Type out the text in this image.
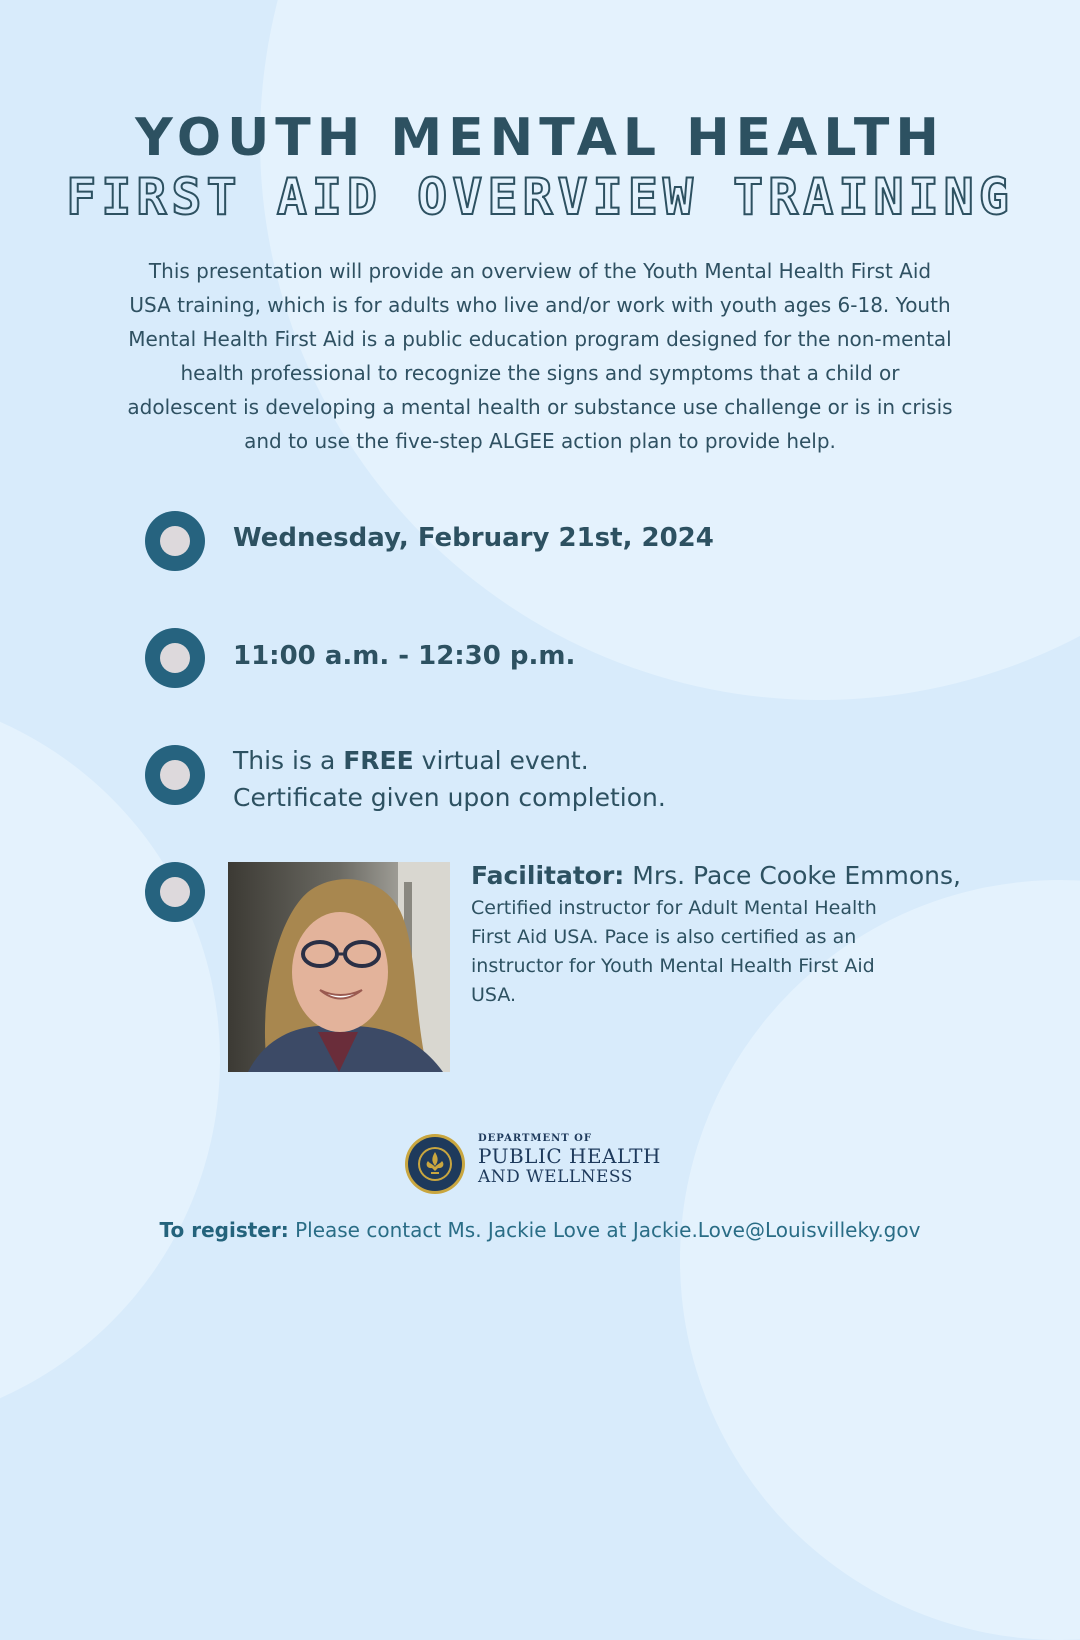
YOUTH MENTAL HEALTH
FIRST AID OVERVIEW TRAINING
This presentation will provide an overview of the Youth Mental Health First Aid
USA training, which is for adults who live and/or work with youth ages 6-18. Youth
Mental Health First Aid is a public education program designed for the non-mental
health professional to recognize the signs and symptoms that a child or
adolescent is developing a mental health or substance use challenge or is in crisis
and to use the five-step ALGEE action plan to provide help.
Wednesday, February 21st, 2024
11:00 a.m. - 12:30 p.m.
This is a FREE virtual event.
Certificate given upon completion.
Facilitator: Mrs. Pace Cooke Emmons,
Certified instructor for Adult Mental Health First Aid USA. Pace is also certified as an instructor for Youth Mental Health First Aid USA.
DEPARTMENT OF
PUBLIC HEALTH
AND WELLNESS
To register: Please contact Ms. Jackie Love at Jackie.Love@Louisvilleky.gov
